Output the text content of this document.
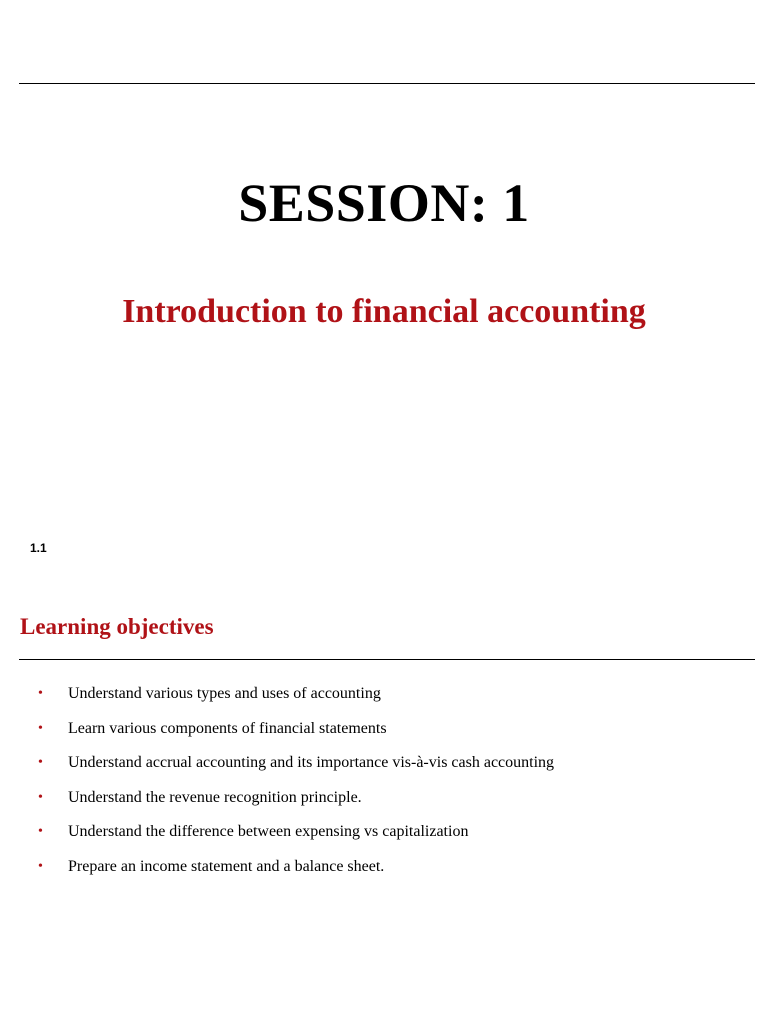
SESSION: 1
Introduction to financial accounting
1.1
Learning objectives
•	Understand various types and uses of accounting
•	Learn various components of financial statements
•	Understand accrual accounting and its importance vis-à-vis cash accounting
•	Understand the revenue recognition principle.
•	Understand the difference between expensing vs capitalization
•	Prepare an income statement and a balance sheet.
